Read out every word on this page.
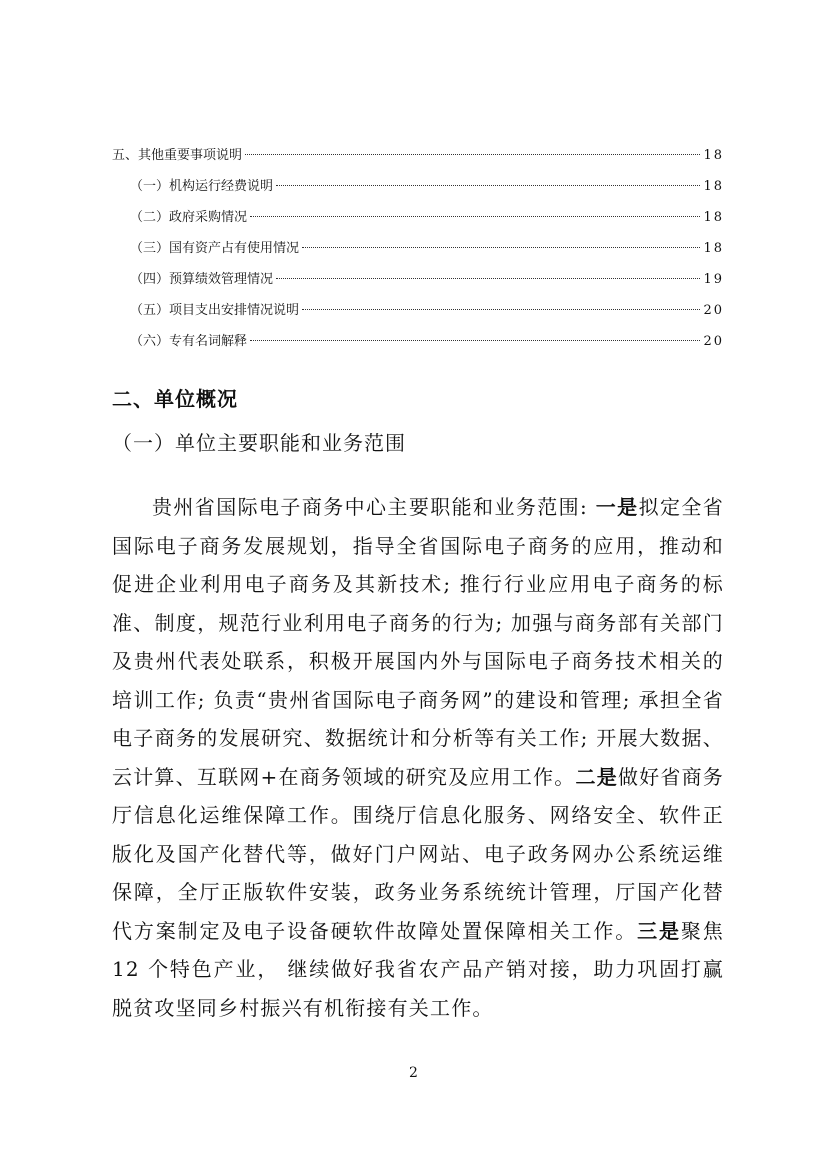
五、其他重要事项说明	18
（一）机构运行经费说明	18
（二）政府采购情况	18
（三）国有资产占有使用情况	18
（四）预算绩效管理情况	19
（五）项目支出安排情况说明	20
（六）专有名词解释	20
二、单位概况
（一）单位主要职能和业务范围

贵州省国际电子商务中心主要职能和业务范围: 一是拟定全省国际电子商务发展规划，指导全省国际电子商务的应用，推动和促进企业利用电子商务及其新技术; 推行行业应用电子商务的标准、制度，规范行业利用电子商务的行为; 加强与商务部有关部门及贵州代表处联系，积极开展国内外与国际电子商务技术相关的培训工作; 负责“贵州省国际电子商务网”的建设和管理; 承担全省电子商务的发展研究、数据统计和分析等有关工作; 开展大数据、云计算、互联网+在商务领域的研究及应用工作。二是做好省商务厅信息化运维保障工作。围绕厅信息化服务、网络安全、软件正版化及国产化替代等，做好门户网站、电子政务网办公系统运维保障，全厅正版软件安装，政务业务系统统计管理，厅国产化替代方案制定及电子设备硬软件故障处置保障相关工作。三是聚焦 12 个特色产业， 继续做好我省农产品产销对接，助力巩固打赢脱贫攻坚同乡村振兴有机衔接有关工作。

2
